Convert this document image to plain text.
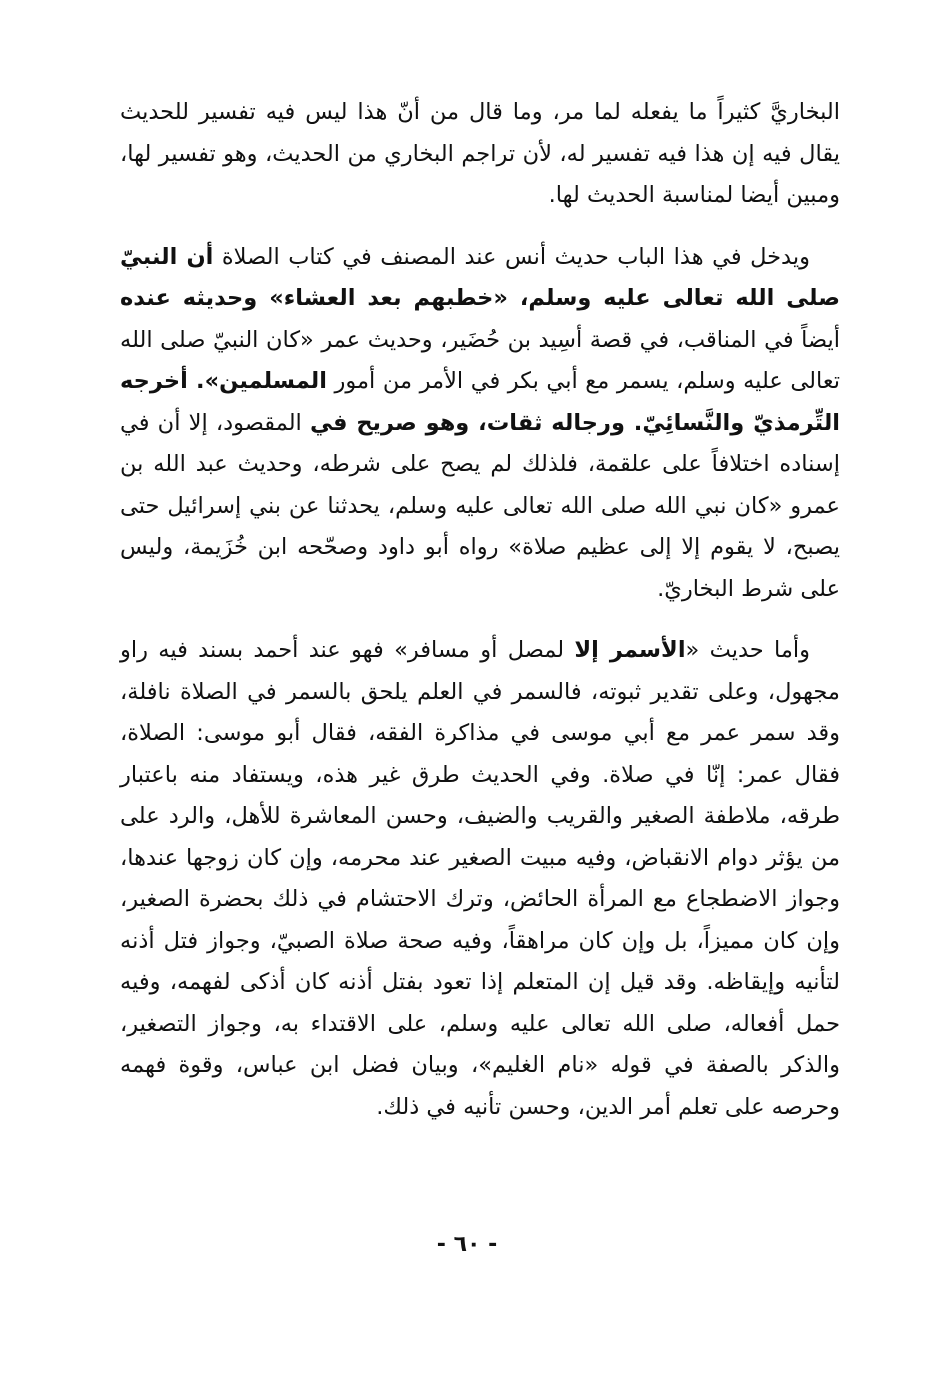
البخاريَّ كثيراً ما يفعله لما مر، وما قال من أنّ هذا ليس فيه تفسير للحديث يقال فيه إن هذا فيه تفسير له، لأن تراجم البخاري من الحديث، وهو تفسير لها، ومبين أيضا لمناسبة الحديث لها.

ويدخل في هذا الباب حديث أنس عند المصنف في كتاب الصلاة أن النبيّ صلى الله تعالى عليه وسلم، «خطبهم بعد العشاء» وحديثه عنده أيضاً في المناقب، في قصة أسِيد بن حُضَير، وحديث عمر «كان النبيّ صلى الله تعالى عليه وسلم، يسمر مع أبي بكر في الأمر من أمور المسلمين». أخرجه التِّرمذيّ والنَّسائِيّ. ورجاله ثقات، وهو صريح في المقصود، إلا أن في إسناده اختلافاً على علقمة، فلذلك لم يصح على شرطه، وحديث عبد الله بن عمرو «كان نبي الله صلى الله تعالى عليه وسلم، يحدثنا عن بني إسرائيل حتى يصبح، لا يقوم إلا إلى عظيم صلاة» رواه أبو داود وصحّحه ابن خُزَيمة، وليس على شرط البخاريّ.

وأما حديث «الأسمر إلا لمصل أو مسافر» فهو عند أحمد بسند فيه راو مجهول، وعلى تقدير ثبوته، فالسمر في العلم يلحق بالسمر في الصلاة نافلة، وقد سمر عمر مع أبي موسى في مذاكرة الفقه، فقال أبو موسى: الصلاة، فقال عمر: إنّا في صلاة. وفي الحديث طرق غير هذه، ويستفاد منه باعتبار طرقه، ملاطفة الصغير والقريب والضيف، وحسن المعاشرة للأهل، والرد على من يؤثر دوام الانقباض، وفيه مبيت الصغير عند محرمه، وإن كان زوجها عندها، وجواز الاضطجاع مع المرأة الحائض، وترك الاحتشام في ذلك بحضرة الصغير، وإن كان مميزاً، بل وإن كان مراهقاً، وفيه صحة صلاة الصبيّ، وجواز فتل أذنه لتأنيه وإيقاظه. وقد قيل إن المتعلم إذا تعود بفتل أذنه كان أذكى لفهمه، وفيه حمل أفعاله، صلى الله تعالى عليه وسلم، على الاقتداء به، وجواز التصغير، والذكر بالصفة في قوله «نام الغليم»، وبيان فضل ابن عباس، وقوة فهمه وحرصه على تعلم أمر الدين، وحسن تأنيه في ذلك.

- ٦٠ -
